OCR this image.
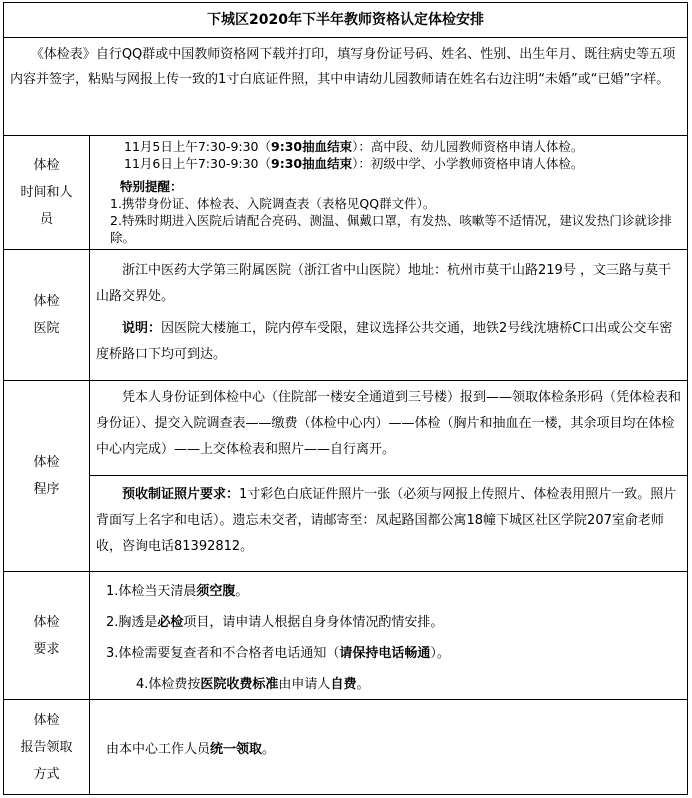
下城区2020年下半年教师资格认定体检安排

《体检表》自行QQ群或中国教师资格网下载并打印，填写身份证号码、姓名、性别、出生年月、既往病史等五项内容并签字，粘贴与网报上传一致的1寸白底证件照，其中申请幼儿园教师请在姓名右边注明“未婚”或“已婚”字样。

体检
时间和人
员

11月5日上午7:30-9:30（9:30抽血结束）：高中段、幼儿园教师资格申请人体检。

11月6日上午7:30-9:30（9:30抽血结束）：初级中学、小学教师资格申请人体检。

特别提醒：

1.携带身份证、体检表、入院调查表（表格见QQ群文件）。

2.特殊时期进入医院后请配合亮码、测温、佩戴口罩，有发热、咳嗽等不适情况，建议发热门诊就诊排除。

体检
医院

浙江中医药大学第三附属医院（浙江省中山医院）地址：杭州市莫干山路219号 ，文三路与莫干山路交界处。

说明：因医院大楼施工，院内停车受限，建议选择公共交通，地铁2号线沈塘桥C口出或公交车密度桥路口下均可到达。

体检
程序

凭本人身份证到体检中心（住院部一楼安全通道到三号楼）报到——领取体检条形码（凭体检表和身份证）、提交入院调查表——缴费（体检中心内）——体检（胸片和抽血在一楼，其余项目均在体检中心内完成）——上交体检表和照片——自行离开。

预收制证照片要求：1寸彩色白底证件照片一张（必须与网报上传照片、体检表用照片一致。照片背面写上名字和电话）。遗忘未交者，请邮寄至：凤起路国都公寓18幢下城区社区学院207室俞老师收，咨询电话81392812。

体检
要求

1.体检当天清晨须空腹。

2.胸透是必检项目，请申请人根据自身身体情况酌情安排。

3.体检需要复查者和不合格者电话通知（请保持电话畅通）。

4.体检费按医院收费标准由申请人自费。

体检
报告领取
方式

由本中心工作人员统一领取。
